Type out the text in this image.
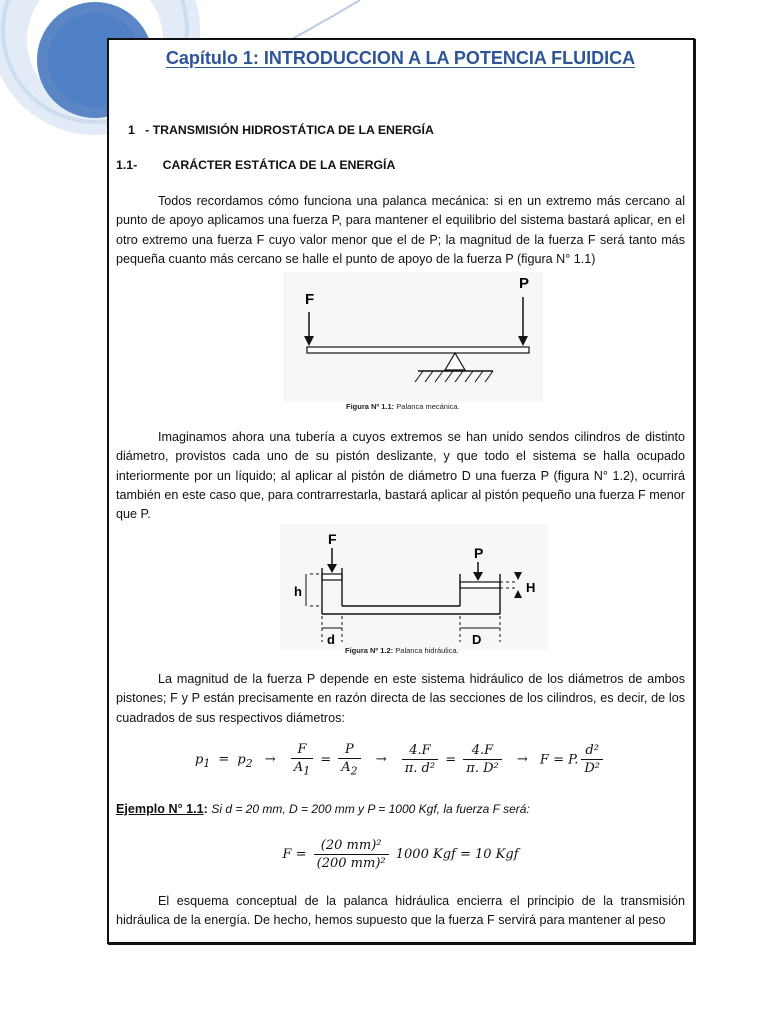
Capítulo 1: INTRODUCCION A LA POTENCIA FLUIDICA
1 - TRANSMISIÓN HIDROSTÁTICA DE LA ENERGÍA
1.1- CARÁCTER ESTÁTICA DE LA ENERGÍA

Todos recordamos cómo funciona una palanca mecánica: si en un extremo más cercano al punto de apoyo aplicamos una fuerza P, para mantener el equilibrio del sistema bastará aplicar, en el otro extremo una fuerza F cuyo valor menor que el de P; la magnitud de la fuerza F será tanto más pequeña cuanto más cercano se halle el punto de apoyo de la fuerza P (figura N° 1.1)

F
P
Figura Nº 1.1: Palanca mecánica.

Imaginamos ahora una tubería a cuyos extremos se han unido sendos cilindros de distinto diámetro, provistos cada uno de su pistón deslizante, y que todo el sistema se halla ocupado interiormente por un líquido; al aplicar al pistón de diámetro D una fuerza P (figura N° 1.2), ocurrirá también en este caso que, para contrarrestarla, bastará aplicar al pistón pequeño una fuerza F menor que P.

F
P
h	H
d	D
Figura Nº 1.2: Palanca hidráulica.

La magnitud de la fuerza P depende en este sistema hidráulico de los diámetros de ambos pistones; F y P están precisamente en razón directa de las secciones de los cilindros, es decir, de los cuadrados de sus respectivos diámetros:

$p_1 = p_2 \to \frac{F}{A_1} = \frac{P}{A_2} \to \frac{4.F}{\text{π. d²}} = \frac{4.F}{\text{π. D²}} \to F = P$. $\frac{\text{d²}}{\text{D²}}$
Ejemplo N° 1.1: Si d = 20 mm, D = 200 mm y P = 1000 Kgf, la fuerza F será:
$F = \frac{\text{(20 mm)²}}{\text{(200 mm)²}} 1000$ Kgf = 10 Kgf

El esquema conceptual de la palanca hidráulica encierra el principio de la transmisión hidráulica de la energía. De hecho, hemos supuesto que la fuerza F servirá para mantener al peso
